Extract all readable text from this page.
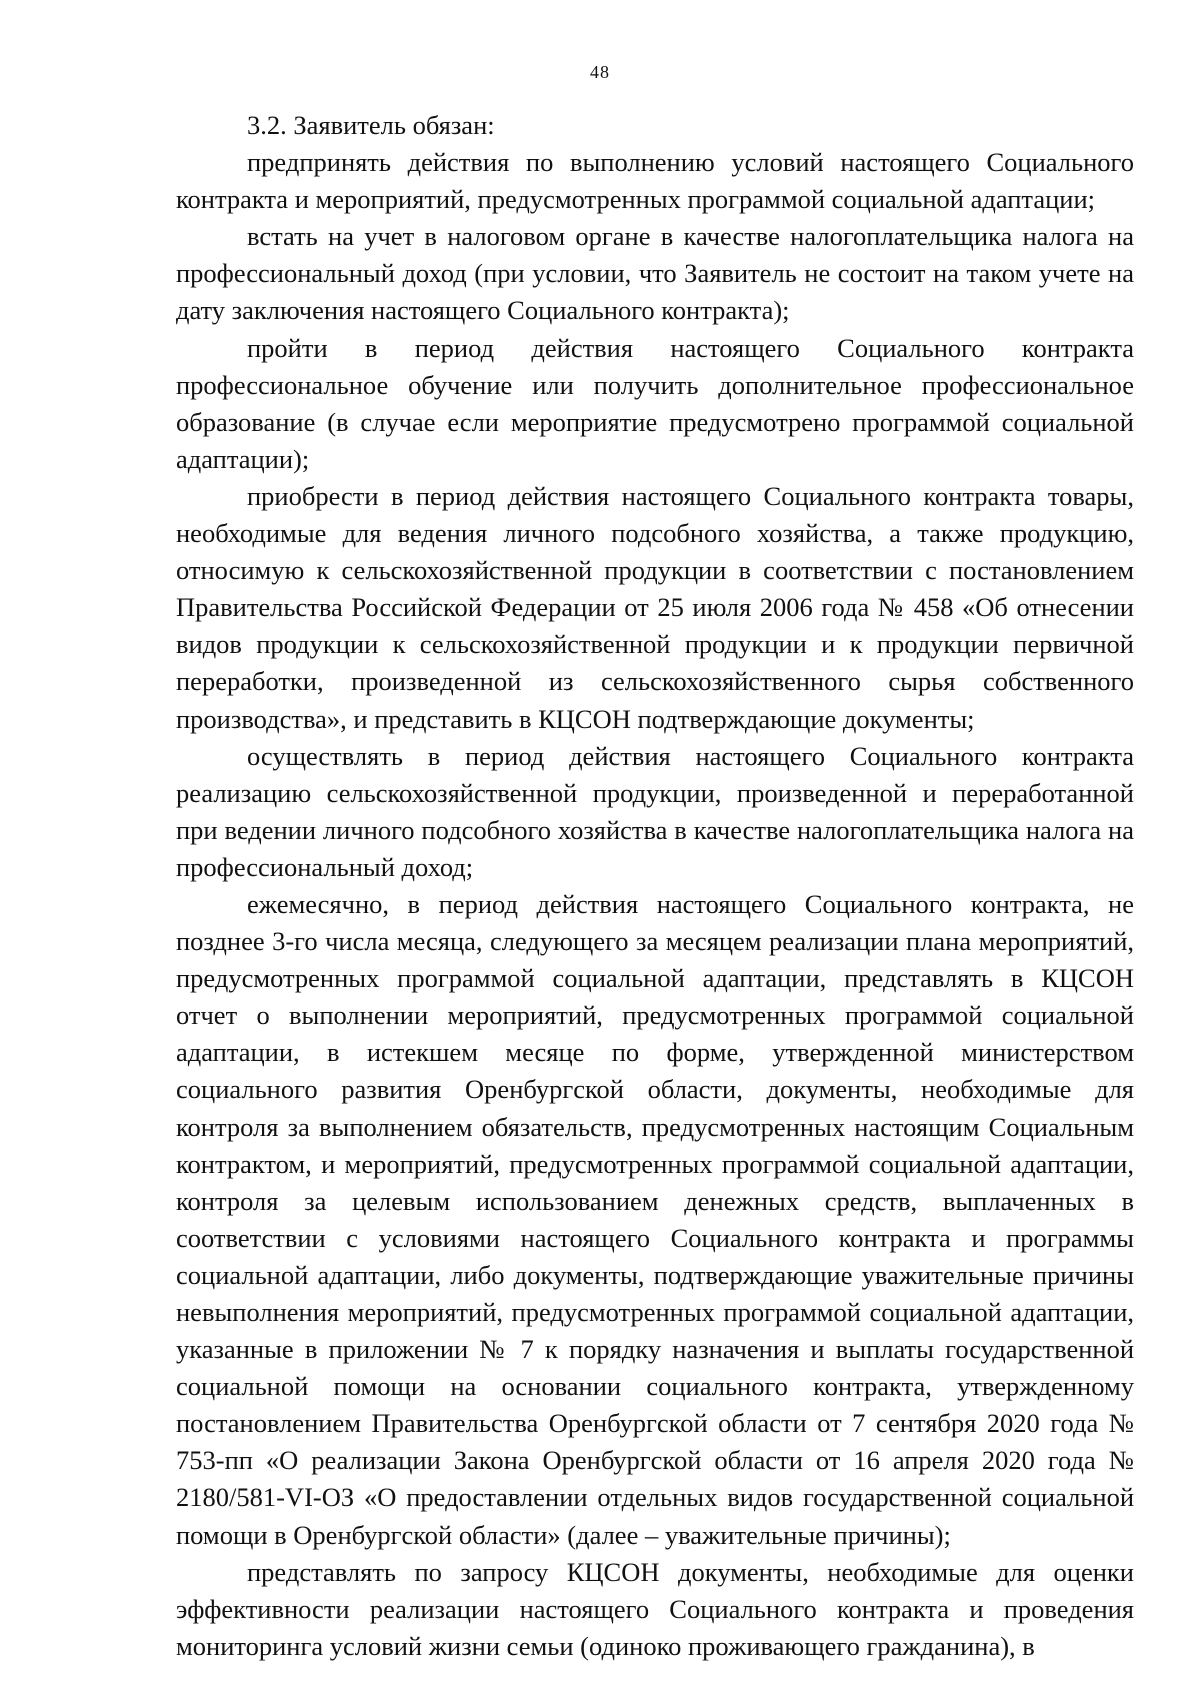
48

3.2. Заявитель обязан:

предпринять действия по выполнению условий настоящего Социального контракта и мероприятий, предусмотренных программой социальной адаптации;

встать на учет в налоговом органе в качестве налогоплательщика налога на профессиональный доход (при условии, что Заявитель не состоит на таком учете на дату заключения настоящего Социального контракта);

пройти в период действия настоящего Социального контракта профессиональное обучение или получить дополнительное профессиональное образование (в случае если мероприятие предусмотрено программой социальной адаптации);

приобрести в период действия настоящего Социального контракта товары, необходимые для ведения личного подсобного хозяйства, а также продукцию, относимую к сельскохозяйственной продукции в соответствии с постановлением Правительства Российской Федерации от 25 июля 2006 года № 458 «Об отнесении видов продукции к сельскохозяйственной продукции и к продукции первичной переработки, произведенной из сельскохозяйственного сырья собственного производства», и представить в КЦСОН подтверждающие документы;

осуществлять в период действия настоящего Социального контракта реализацию сельскохозяйственной продукции, произведенной и переработанной при ведении личного подсобного хозяйства в качестве налогоплательщика налога на профессиональный доход;

ежемесячно, в период действия настоящего Социального контракта, не позднее 3-го числа месяца, следующего за месяцем реализации плана мероприятий, предусмотренных программой социальной адаптации, представлять в КЦСОН отчет о выполнении мероприятий, предусмотренных программой социальной адаптации, в истекшем месяце по форме, утвержденной министерством социального развития Оренбургской области, документы, необходимые для контроля за выполнением обязательств, предусмотренных настоящим Социальным контрактом, и мероприятий, предусмотренных программой социальной адаптации, контроля за целевым использованием денежных средств, выплаченных в соответствии с условиями настоящего Социального контракта и программы социальной адаптации, либо документы, подтверждающие уважительные причины невыполнения мероприятий, предусмотренных программой социальной адаптации, указанные в приложении № 7 к порядку назначения и выплаты государственной социальной помощи на основании социального контракта, утвержденному постановлением Правительства Оренбургской области от 7 сентября 2020 года № 753-пп «О реализации Закона Оренбургской области от 16 апреля 2020 года № 2180/581-VI-ОЗ «О предоставлении отдельных видов государственной социальной помощи в Оренбургской области» (далее – уважительные причины);

представлять по запросу КЦСОН документы, необходимые для оценки эффективности реализации настоящего Социального контракта и проведения мониторинга условий жизни семьи (одиноко проживающего гражданина), в
